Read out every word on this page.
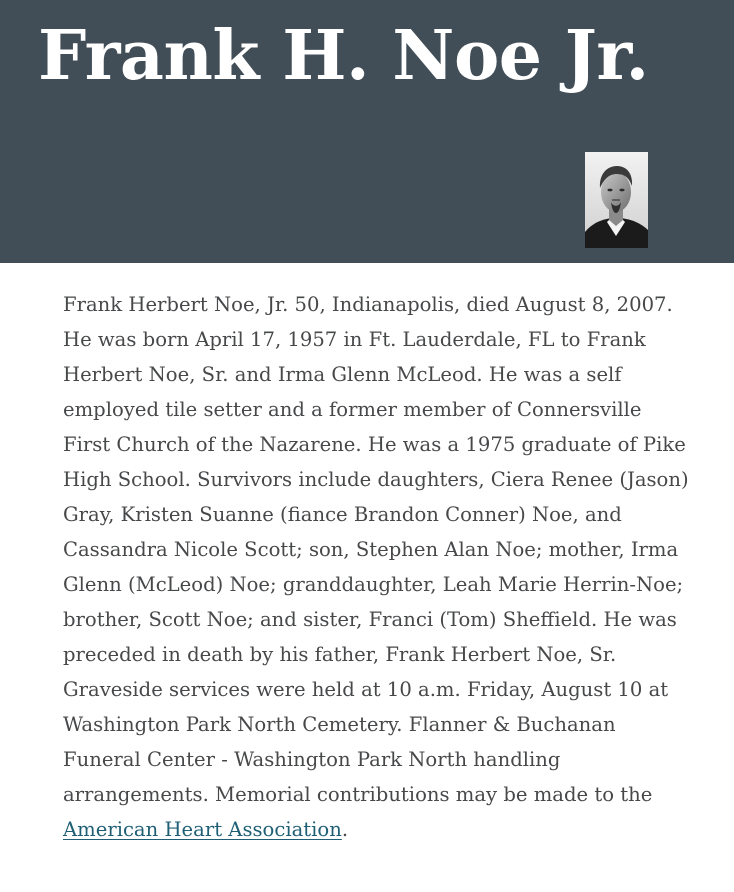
Frank H. Noe Jr.

Frank Herbert Noe, Jr. 50, Indianapolis, died August 8, 2007. He was born April 17, 1957 in Ft. Lauderdale, FL to Frank Herbert Noe, Sr. and Irma Glenn McLeod. He was a self employed tile setter and a former member of Connersville First Church of the Nazarene. He was a 1975 graduate of Pike High School. Survivors include daughters, Ciera Renee (Jason) Gray, Kristen Suanne (fiance Brandon Conner) Noe, and Cassandra Nicole Scott; son, Stephen Alan Noe; mother, Irma Glenn (McLeod) Noe; granddaughter, Leah Marie Herrin-Noe; brother, Scott Noe; and sister, Franci (Tom) Sheffield. He was preceded in death by his father, Frank Herbert Noe, Sr. Graveside services were held at 10 a.m. Friday, August 10 at Washington Park North Cemetery. Flanner & Buchanan Funeral Center - Washington Park North handling arrangements. Memorial contributions may be made to the American Heart Association.
